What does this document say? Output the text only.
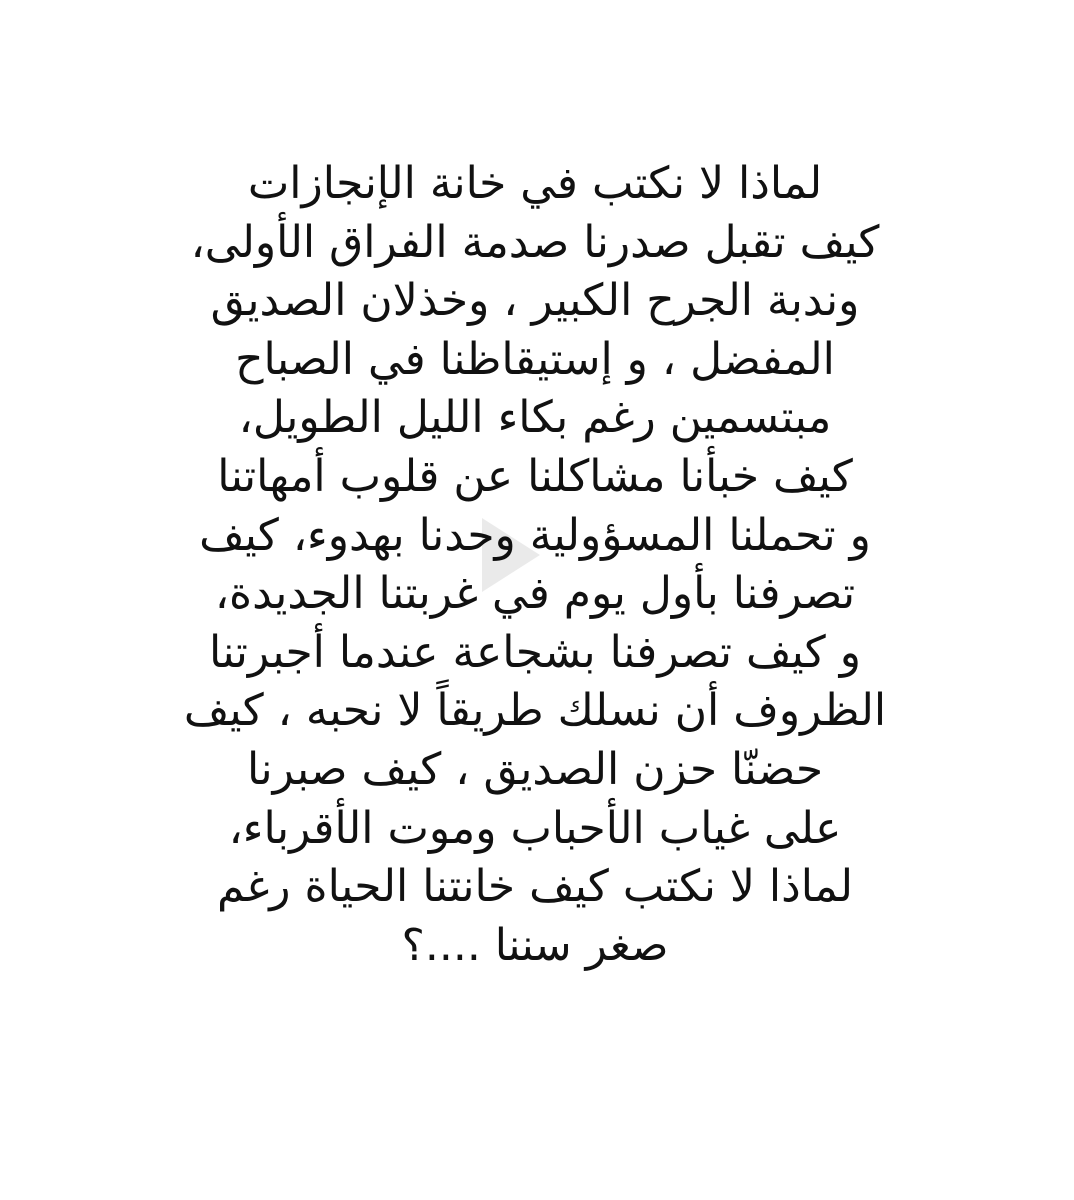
لماذا لا نكتب في خانة الإنجازات
كيف تقبل صدرنا صدمة الفراق الأولى،
وندبة الجرح الكبير ، وخذلان الصديق
المفضل ، و إستيقاظنا في الصباح
مبتسمين رغم بكاء الليل الطويل،
كيف خبأنا مشاكلنا عن قلوب أمهاتنا
و تحملنا المسؤولية وحدنا بهدوء، كيف
تصرفنا بأول يوم في غربتنا الجديدة،
و كيف تصرفنا بشجاعة عندما أجبرتنا
الظروف أن نسلك طريقاً لا نحبه ، كيف
حضنّا حزن الصديق ، كيف صبرنا
على غياب الأحباب وموت الأقرباء،
لماذا لا نكتب كيف خانتنا الحياة رغم
صغر سننا ....؟
